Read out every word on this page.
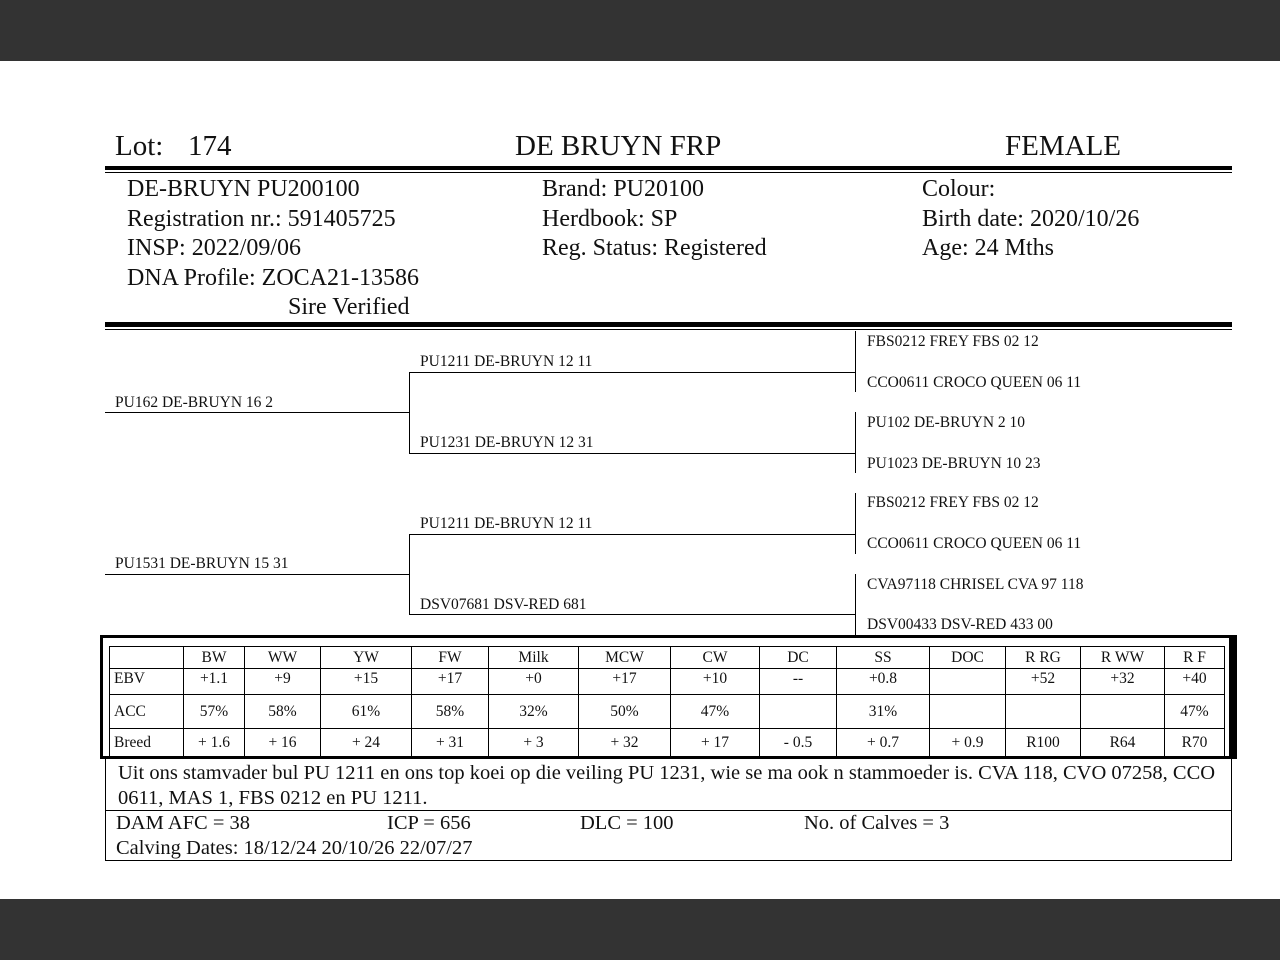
Lot: 174	DE BRUYN FRP	FEMALE
DE-BRUYN PU200100
Registration nr.: 591405725
INSP: 2022/09/06
DNA Profile: ZOCA21-13586
Sire Verified
Brand: PU20100
Herdbook: SP
Reg. Status: Registered
Colour:
Birth date: 2020/10/26
Age: 24 Mths
PU162 DE-BRUYN 16 2
PU1531 DE-BRUYN 15 31
PU1211 DE-BRUYN 12 11
PU1231 DE-BRUYN 12 31
PU1211 DE-BRUYN 12 11
DSV07681 DSV-RED 681
FBS0212 FREY FBS 02 12
CCO0611 CROCO QUEEN 06 11
PU102 DE-BRUYN 2 10
PU1023 DE-BRUYN 10 23
FBS0212 FREY FBS 02 12
CCO0611 CROCO QUEEN 06 11
CVA97118 CHRISEL CVA 97 118
DSV00433 DSV-RED 433 00
	BW	WW	YW	FW	Milk	MCW	CW	DC	SS	DOC	R RG	R WW	R F
EBV	+1.1	+9	+15	+17	+0	+17	+10	--	+0.8		+52	+32	+40
ACC	57%	58%	61%	58%	32%	50%	47%		31%				47%
Breed	+ 1.6	+ 16	+ 24	+ 31	+ 3	+ 32	+ 17	- 0.5	+ 0.7	+ 0.9	R100	R64	R70
Uit ons stamvader bul PU 1211 en ons top koei op die veiling PU 1231, wie se ma ook n stammoeder is. CVA 118, CVO 07258, CCO 0611, MAS 1, FBS 0212 en PU 1211.
DAM AFC = 38	ICP = 656	DLC = 100	No. of Calves = 3
Calving Dates: 18/12/24 20/10/26 22/07/27
